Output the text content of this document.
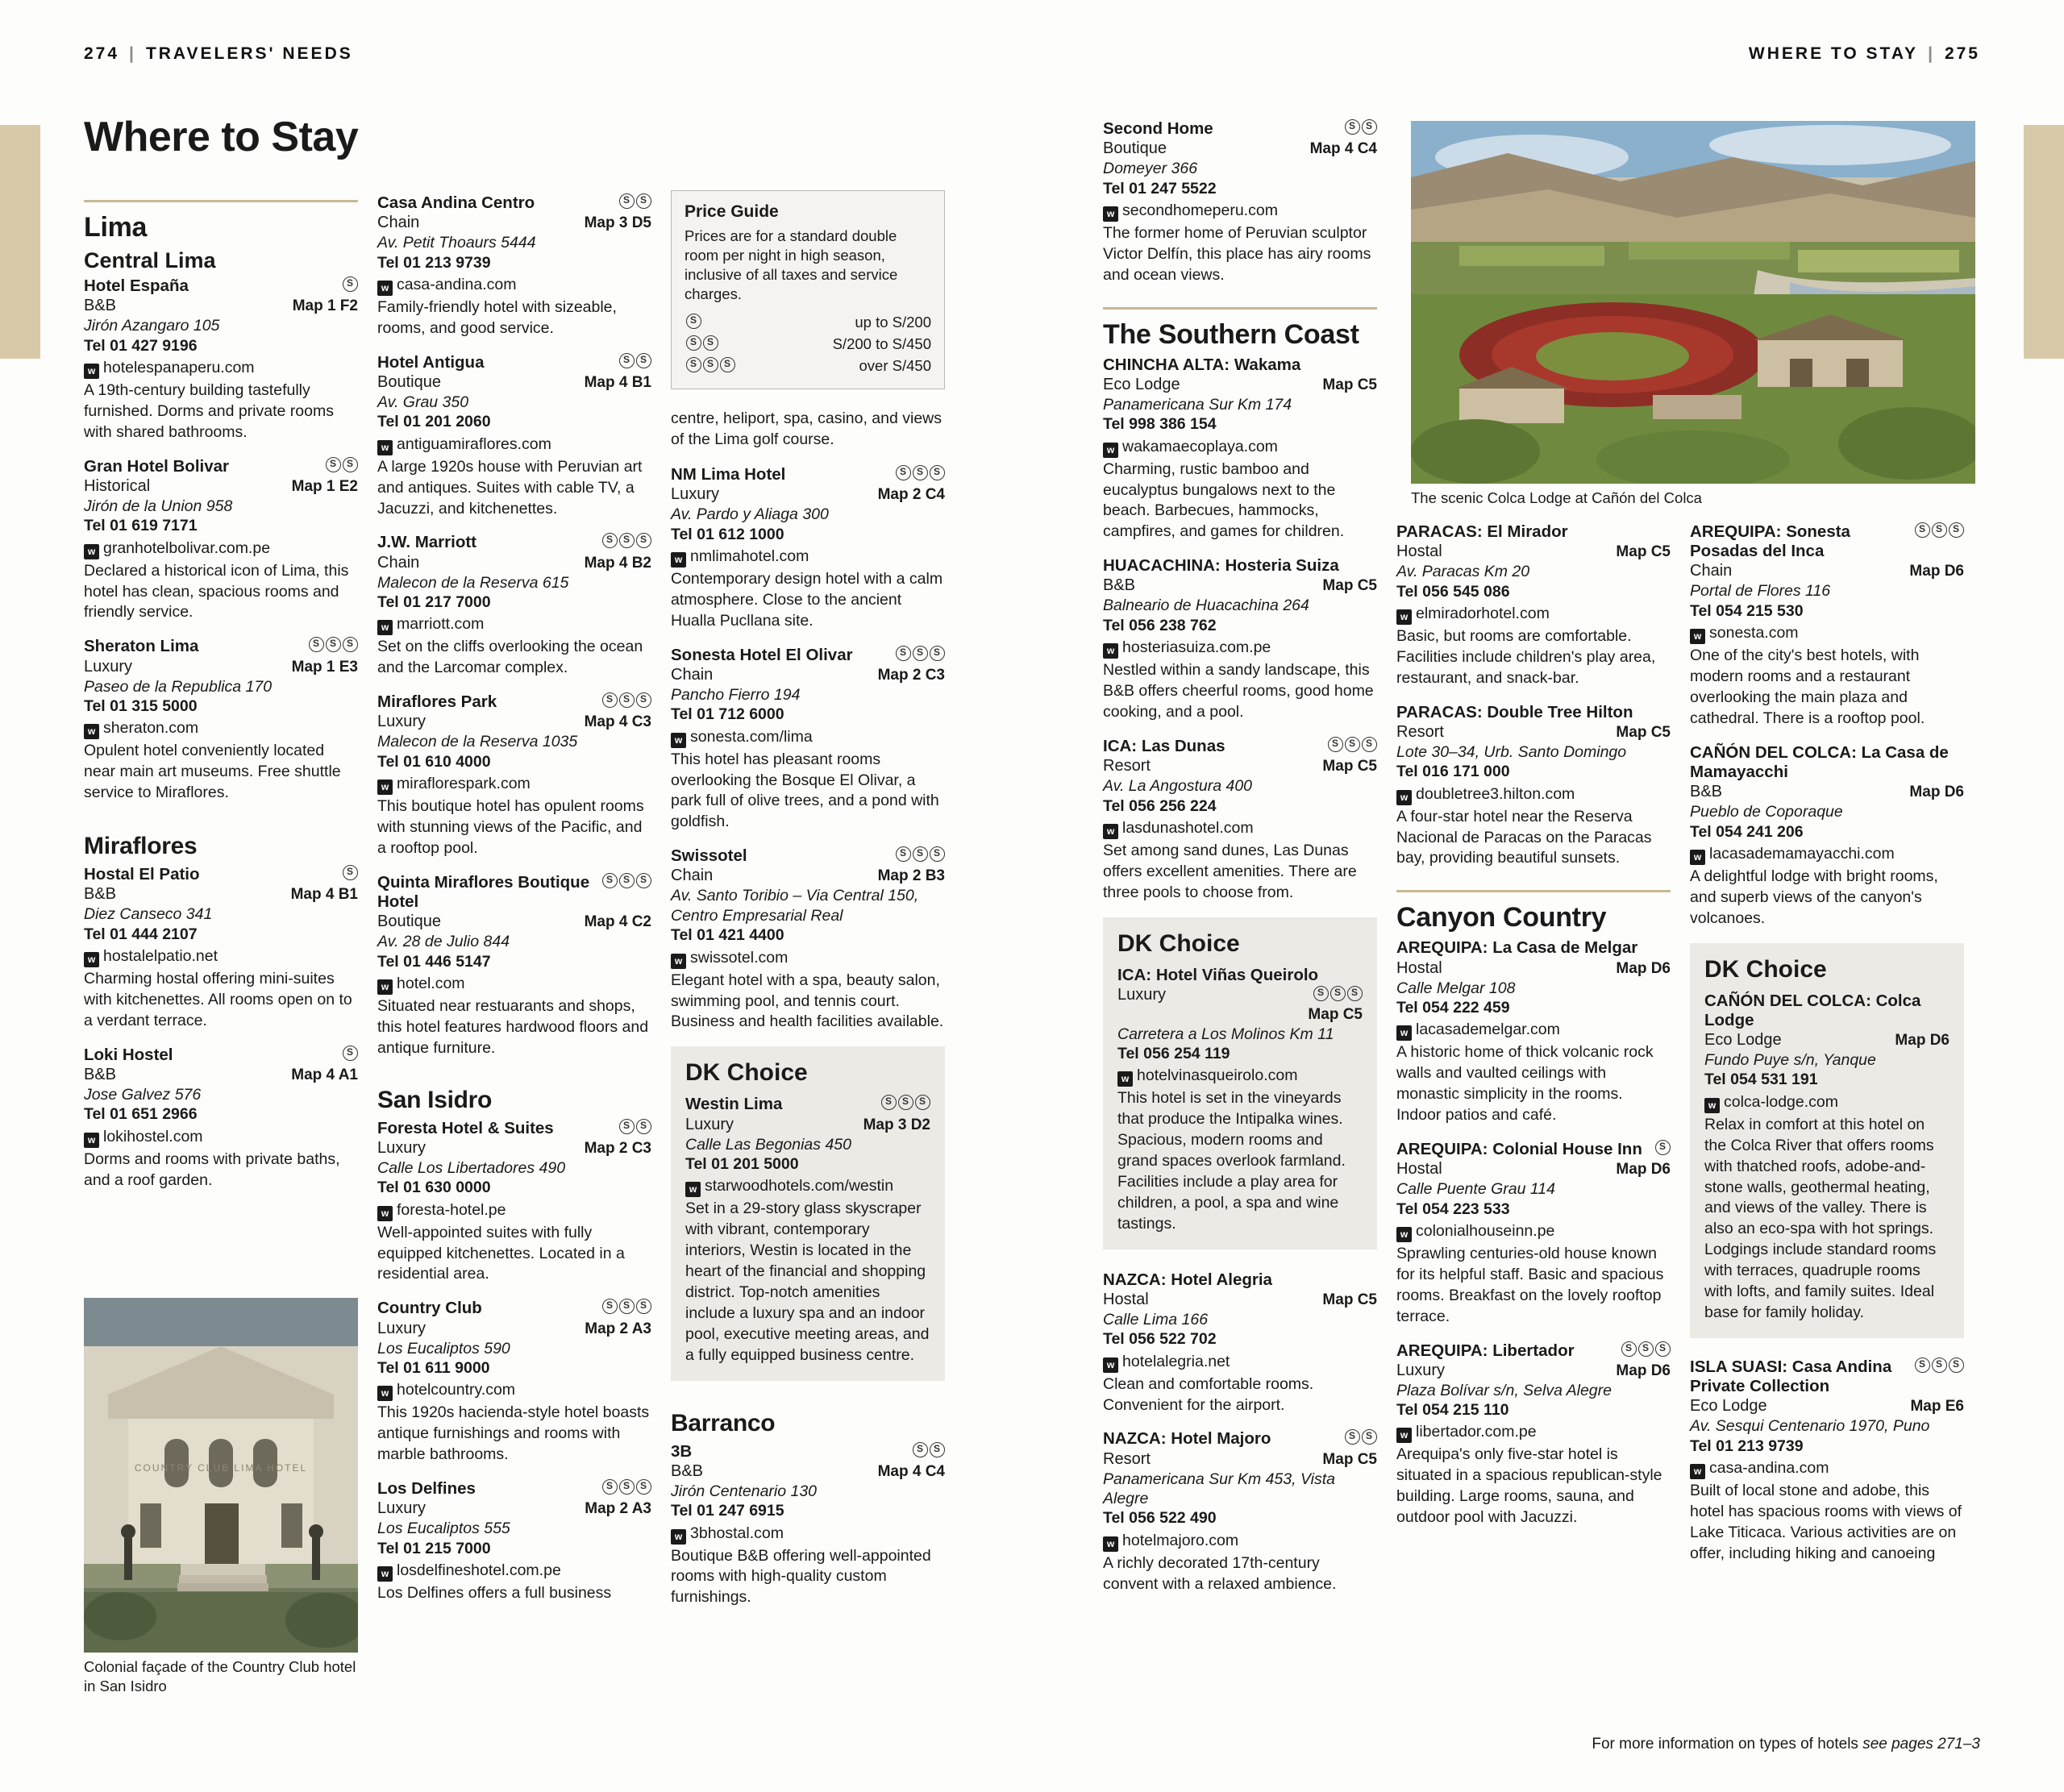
274 | TRAVELERS' NEEDS	WHERE TO STAY | 275
Where to Stay
Lima
Central Lima
Hotel España
S
B&B	Map 1 F2
Jirón Azangaro 105
Tel 01 427 9196
w hotelespanaperu.com
A 19th-century building tastefully furnished. Dorms and private rooms with shared bathrooms.
Gran Hotel Bolivar
SS
Historical	Map 1 E2
Jirón de la Union 958
Tel 01 619 7171
w granhotelbolivar.com.pe
Declared a historical icon of Lima, this hotel has clean, spacious rooms and friendly service.
Sheraton Lima
SSS
Luxury	Map 1 E3
Paseo de la Republica 170
Tel 01 315 5000
w sheraton.com
Opulent hotel conveniently located near main art museums. Free shuttle service to Miraflores.
Miraflores
Hostal El Patio
S
B&B	Map 4 B1
Diez Canseco 341
Tel 01 444 2107
w hostalelpatio.net
Charming hostal offering mini-suites with kitchenettes. All rooms open on to a verdant terrace.
Loki Hostel
S
B&B	Map 4 A1
Jose Galvez 576
Tel 01 651 2966
w lokihostel.com
Dorms and rooms with private baths, and a roof garden.
COUNTRY CLUB LIMA HOTEL
Colonial façade of the Country Club hotel in San Isidro
Casa Andina Centro
SS
Chain	Map 3 D5
Av. Petit Thoaurs 5444
Tel 01 213 9739
w casa-andina.com
Family-friendly hotel with sizeable, rooms, and good service.
Hotel Antigua
SS
Boutique	Map 4 B1
Av. Grau 350
Tel 01 201 2060
w antiguamiraflores.com
A large 1920s house with Peruvian art and antiques. Suites with cable TV, a Jacuzzi, and kitchenettes.
J.W. Marriott
SSS
Chain	Map 4 B2
Malecon de la Reserva 615
Tel 01 217 7000
w marriott.com
Set on the cliffs overlooking the ocean and the Larcomar complex.
Miraflores Park
SSS
Luxury	Map 4 C3
Malecon de la Reserva 1035
Tel 01 610 4000
w miraflorespark.com
This boutique hotel has opulent rooms with stunning views of the Pacific, and a rooftop pool.
Quinta Miraflores Boutique Hotel
SSS
Boutique	Map 4 C2
Av. 28 de Julio 844
Tel 01 446 5147
w hotel.com
Situated near restuarants and shops, this hotel features hardwood floors and antique furniture.
San Isidro
Foresta Hotel & Suites
SS
Luxury	Map 2 C3
Calle Los Libertadores 490
Tel 01 630 0000
w foresta-hotel.pe
Well-appointed suites with fully equipped kitchenettes. Located in a residential area.
Country Club
SSS
Luxury	Map 2 A3
Los Eucaliptos 590
Tel 01 611 9000
w hotelcountry.com
This 1920s hacienda-style hotel boasts antique furnishings and rooms with marble bathrooms.
Los Delfines
SSS
Luxury	Map 2 A3
Los Eucaliptos 555
Tel 01 215 7000
w losdelfineshotel.com.pe
Los Delfines offers a full business
Price Guide

Prices are for a standard double room per night in high season, inclusive of all taxes and service charges.

S
up to S/200
SS
S/200 to S/450
SSS
over S/450
centre, heliport, spa, casino, and views of the Lima golf course.
NM Lima Hotel
SSS
Luxury	Map 2 C4
Av. Pardo y Aliaga 300
Tel 01 612 1000
w nmlimahotel.com
Contemporary design hotel with a calm atmosphere. Close to the ancient Hualla Pucllana site.
Sonesta Hotel El Olivar
SSS
Chain	Map 2 C3
Pancho Fierro 194
Tel 01 712 6000
w sonesta.com/lima
This hotel has pleasant rooms overlooking the Bosque El Olivar, a park full of olive trees, and a pond with goldfish.
Swissotel
SSS
Chain	Map 2 B3
Av. Santo Toribio – Via Central 150, Centro Empresarial Real
Tel 01 421 4400
w swissotel.com
Elegant hotel with a spa, beauty salon, swimming pool, and tennis court. Business and health facilities available.
DK Choice
Westin Lima
SSS
Luxury	Map 3 D2
Calle Las Begonias 450
Tel 01 201 5000
w starwoodhotels.com/westin
Set in a 29-story glass skyscraper with vibrant, contemporary interiors, Westin is located in the heart of the financial and shopping district. Top-notch amenities include a luxury spa and an indoor pool, executive meeting areas, and a fully equipped business centre.
Barranco
3B
SS
B&B	Map 4 C4
Jirón Centenario 130
Tel 01 247 6915
w 3bhostal.com
Boutique B&B offering well-appointed rooms with high-quality custom furnishings.
Second Home
SS
Boutique	Map 4 C4
Domeyer 366
Tel 01 247 5522
w secondhomeperu.com
The former home of Peruvian sculptor Victor Delfín, this place has airy rooms and ocean views.
The Southern Coast
CHINCHA ALTA: Wakama
Eco Lodge	Map C5
Panamericana Sur Km 174
Tel 998 386 154
w wakamaecoplaya.com
Charming, rustic bamboo and eucalyptus bungalows next to the beach. Barbecues, hammocks, campfires, and games for children.
HUACACHINA: Hosteria Suiza
B&B	Map C5
Balneario de Huacachina 264
Tel 056 238 762
w hosteriasuiza.com.pe
Nestled within a sandy landscape, this B&B offers cheerful rooms, good home cooking, and a pool.
ICA: Las Dunas
SSS
Resort	Map C5
Av. La Angostura 400
Tel 056 256 224
w lasdunashotel.com
Set among sand dunes, Las Dunas offers excellent amenities. There are three pools to choose from.
DK Choice
ICA: Hotel Viñas Queirolo
Luxury
SSS
Map C5
Carretera a Los Molinos Km 11
Tel 056 254 119
w hotelvinasqueirolo.com
This hotel is set in the vineyards that produce the Intipalka wines. Spacious, modern rooms and grand spaces overlook farmland. Facilities include a play area for children, a pool, a spa and wine tastings.
NAZCA: Hotel Alegria
Hostal	Map C5
Calle Lima 166
Tel 056 522 702
w hotelalegria.net
Clean and comfortable rooms. Convenient for the airport.
NAZCA: Hotel Majoro
SS
Resort	Map C5
Panamericana Sur Km 453, Vista Alegre
Tel 056 522 490
w hotelmajoro.com
A richly decorated 17th-century convent with a relaxed ambience.
The scenic Colca Lodge at Cañón del Colca
PARACAS: El Mirador
Hostal	Map C5
Av. Paracas Km 20
Tel 056 545 086
w elmiradorhotel.com
Basic, but rooms are comfortable. Facilities include children's play area, restaurant, and snack-bar.
PARACAS: Double Tree Hilton
Resort	Map C5
Lote 30–34, Urb. Santo Domingo
Tel 016 171 000
w doubletree3.hilton.com
A four-star hotel near the Reserva Nacional de Paracas on the Paracas bay, providing beautiful sunsets.
Canyon Country
AREQUIPA: La Casa de Melgar
Hostal	Map D6
Calle Melgar 108
Tel 054 222 459
w lacasademelgar.com
A historic home of thick volcanic rock walls and vaulted ceilings with monastic simplicity in the rooms. Indoor patios and café.
AREQUIPA: Colonial House Inn
S
Hostal	Map D6
Calle Puente Grau 114
Tel 054 223 533
w colonialhouseinn.pe
Sprawling centuries-old house known for its helpful staff. Basic and spacious rooms. Breakfast on the lovely rooftop terrace.
AREQUIPA: Libertador
SSS
Luxury	Map D6
Plaza Bolívar s/n, Selva Alegre
Tel 054 215 110
w libertador.com.pe
Arequipa's only five-star hotel is situated in a spacious republican-style building. Large rooms, sauna, and outdoor pool with Jacuzzi.
AREQUIPA: Sonesta Posadas del Inca
SSS
Chain	Map D6
Portal de Flores 116
Tel 054 215 530
w sonesta.com
One of the city's best hotels, with modern rooms and a restaurant overlooking the main plaza and cathedral. There is a rooftop pool.
CAÑÓN DEL COLCA: La Casa de Mamayacchi
B&B	Map D6
Pueblo de Coporaque
Tel 054 241 206
w lacasademamayacchi.com
A delightful lodge with bright rooms, and superb views of the canyon's volcanoes.
DK Choice
CAÑÓN DEL COLCA: Colca Lodge
Eco Lodge	Map D6
Fundo Puye s/n, Yanque
Tel 054 531 191
w colca-lodge.com
Relax in comfort at this hotel on the Colca River that offers rooms with thatched roofs, adobe-and-stone walls, geothermal heating, and views of the valley. There is also an eco-spa with hot springs. Lodgings include standard rooms with terraces, quadruple rooms with lofts, and family suites. Ideal base for family holiday.
ISLA SUASI: Casa Andina Private Collection
SSS
Eco Lodge	Map E6
Av. Sesqui Centenario 1970, Puno
Tel 01 213 9739
w casa-andina.com
Built of local stone and adobe, this hotel has spacious rooms with views of Lake Titicaca. Various activities are on offer, including hiking and canoeing
For more information on types of hotels see pages 271–3
